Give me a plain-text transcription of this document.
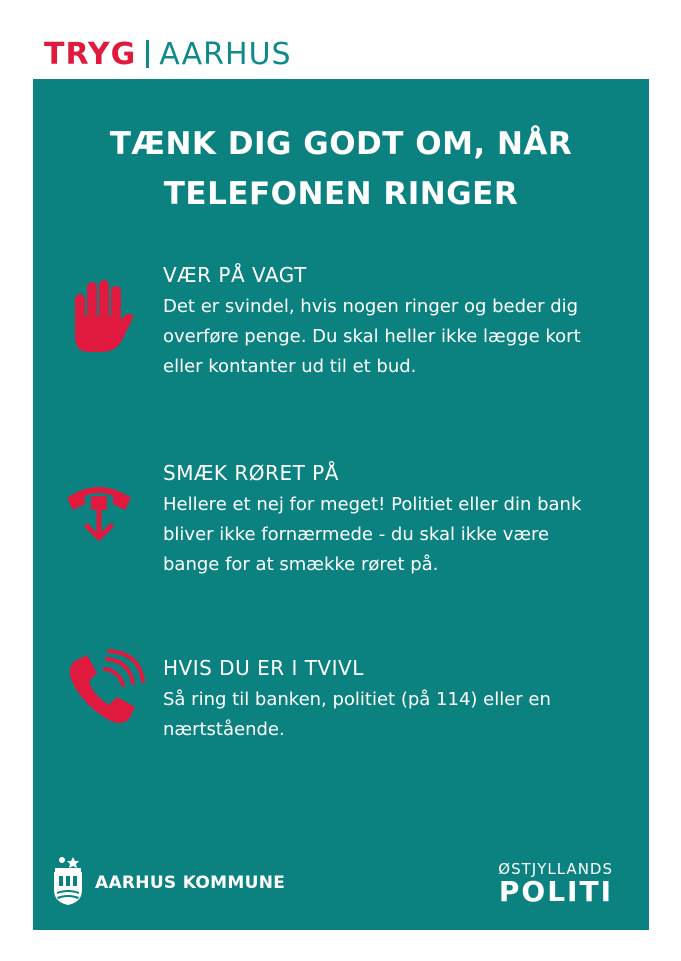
TRYG AARHUS
TÆNK DIG GODT OM, NÅR
TELEFONEN RINGER
VÆR PÅ VAGT
Det er svindel, hvis nogen ringer og beder dig
overføre penge. Du skal heller ikke lægge kort
eller kontanter ud til et bud.
SMÆK RØRET PÅ
Hellere et nej for meget! Politiet eller din bank
bliver ikke fornærmede - du skal ikke være
bange for at smække røret på.
HVIS DU ER I TVIVL
Så ring til banken, politiet (på 114) eller en
nærtstående.
AARHUS KOMMUNE
ØSTJYLLANDS
POLITI
